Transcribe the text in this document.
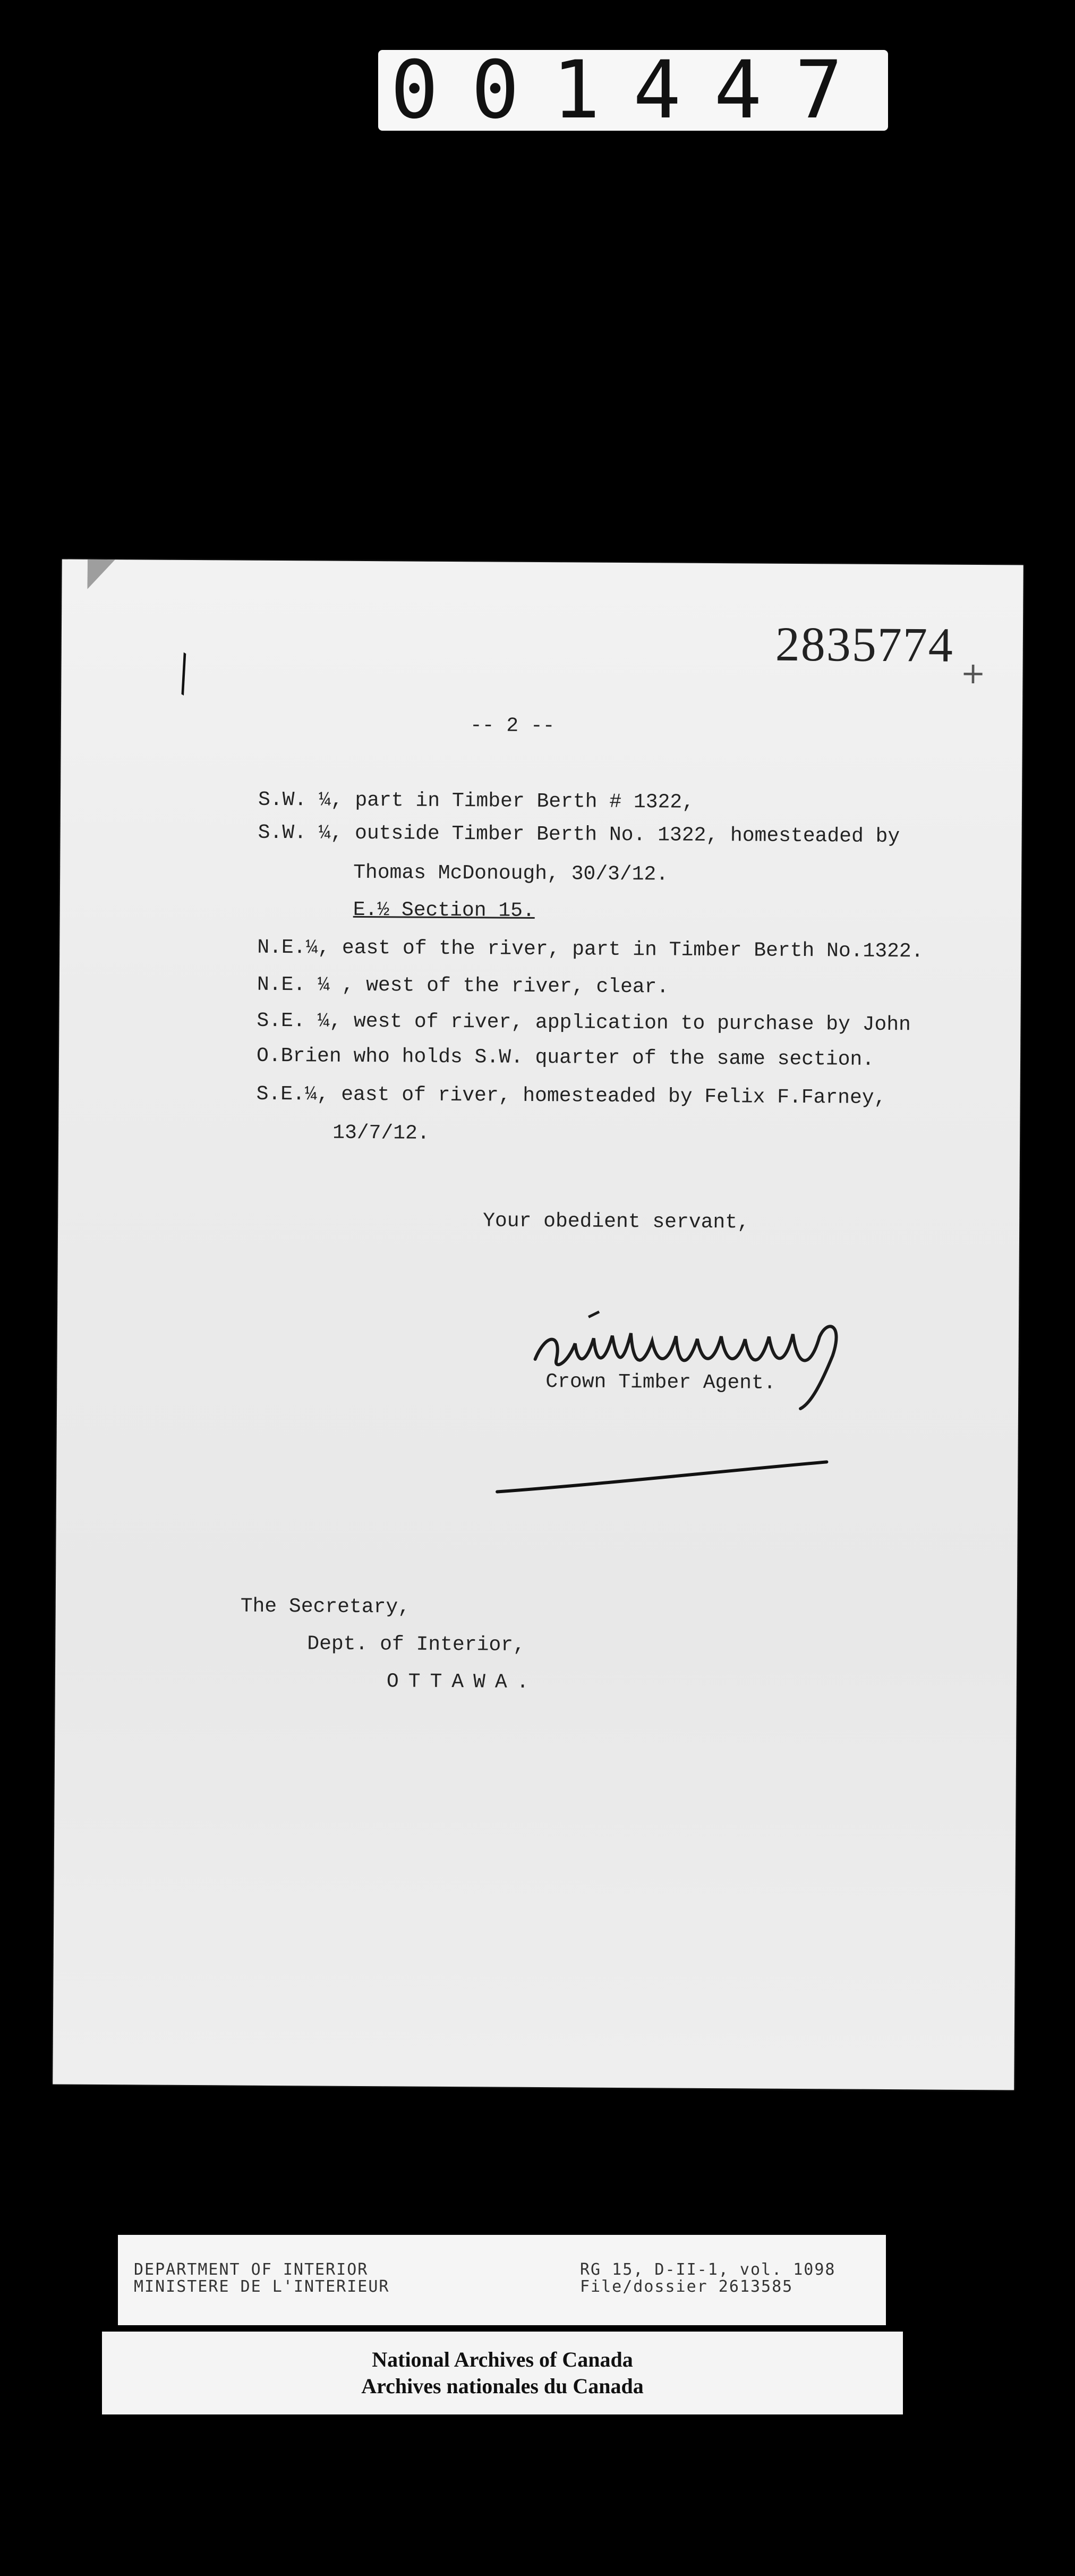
001447
2835774
+
╲
-- 2 --
S.W. ¼, part in Timber Berth # 1322,
S.W. ¼, outside Timber Berth No. 1322, homesteaded by
Thomas McDonough, 30/3/12.
E.½ Section 15.
N.E.¼, east of the river, part in Timber Berth No.1322.
N.E. ¼ , west of the river, clear.
S.E. ¼, west of river, application to purchase by John
O.Brien who holds S.W. quarter of the same section.
S.E.¼, east of river, homesteaded by Felix F.Farney,
13/7/12.
Your obedient servant,
Crown Timber Agent.
The Secretary,
Dept. of Interior,
OTTAWA.
DEPARTMENT OF INTERIOR
MINISTERE DE L'INTERIEUR
RG 15, D-II-1, vol. 1098
File/dossier 2613585
National Archives of Canada
Archives nationales du Canada
